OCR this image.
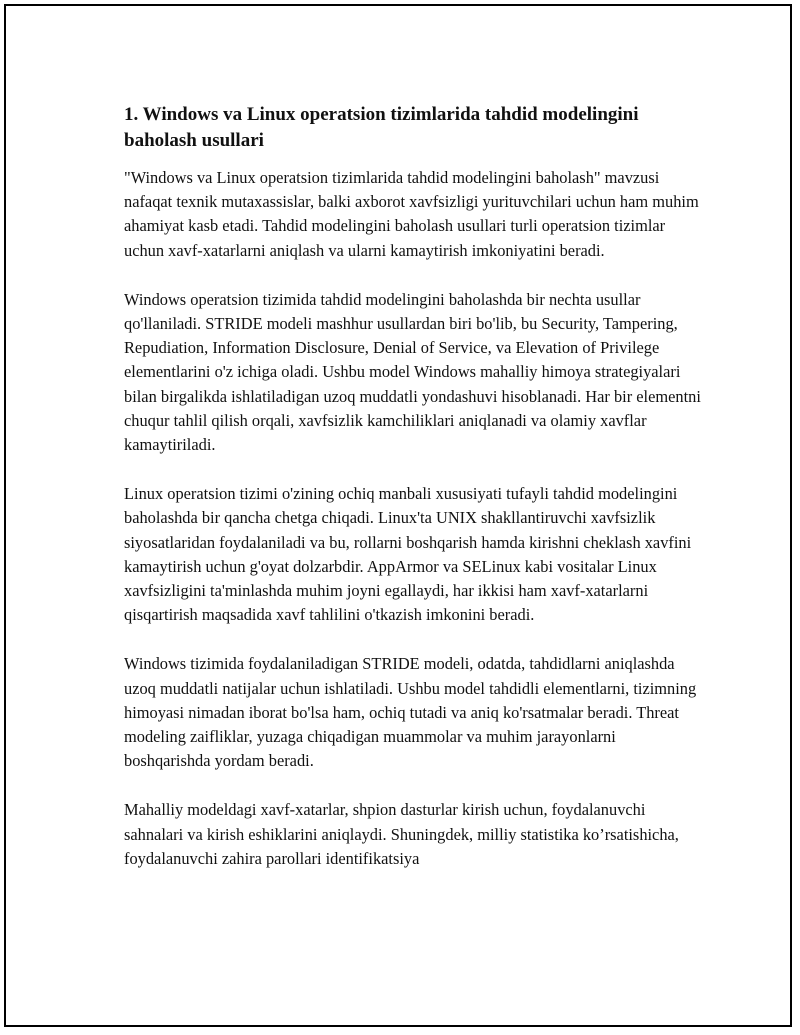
1. Windows va Linux operatsion tizimlarida tahdid modelingini baholash usullari

"Windows va Linux operatsion tizimlarida tahdid modelingini baholash" mavzusi nafaqat texnik mutaxassislar, balki axborot xavfsizligi yurituvchilari uchun ham muhim ahamiyat kasb etadi. Tahdid modelingini baholash usullari turli operatsion tizimlar uchun xavf-xatarlarni aniqlash va ularni kamaytirish imkoniyatini beradi.

Windows operatsion tizimida tahdid modelingini baholashda bir nechta usullar qo'llaniladi. STRIDE modeli mashhur usullardan biri bo'lib, bu Security, Tampering, Repudiation, Information Disclosure, Denial of Service, va Elevation of Privilege elementlarini o'z ichiga oladi. Ushbu model Windows mahalliy himoya strategiyalari bilan birgalikda ishlatiladigan uzoq muddatli yondashuvi hisoblanadi. Har bir elementni chuqur tahlil qilish orqali, xavfsizlik kamchiliklari aniqlanadi va olamiy xavflar kamaytiriladi.

Linux operatsion tizimi o'zining ochiq manbali xususiyati tufayli tahdid modelingini baholashda bir qancha chetga chiqadi. Linux'ta UNIX shakllantiruvchi xavfsizlik siyosatlaridan foydalaniladi va bu, rollarni boshqarish hamda kirishni cheklash xavfini kamaytirish uchun g'oyat dolzarbdir. AppArmor va SELinux kabi vositalar Linux xavfsizligini ta'minlashda muhim joyni egallaydi, har ikkisi ham xavf-xatarlarni qisqartirish maqsadida xavf tahlilini o'tkazish imkonini beradi.

Windows tizimida foydalaniladigan STRIDE modeli, odatda, tahdidlarni aniqlashda uzoq muddatli natijalar uchun ishlatiladi. Ushbu model tahdidli elementlarni, tizimning himoyasi nimadan iborat bo'lsa ham, ochiq tutadi va aniq ko'rsatmalar beradi. Threat modeling zaifliklar, yuzaga chiqadigan muammolar va muhim jarayonlarni boshqarishda yordam beradi.

Mahalliy modeldagi xavf-xatarlar, shpion dasturlar kirish uchun, foydalanuvchi sahnalari va kirish eshiklarini aniqlaydi. Shuningdek, milliy statistika ko’rsatishicha, foydalanuvchi zahira parollari identifikatsiya
